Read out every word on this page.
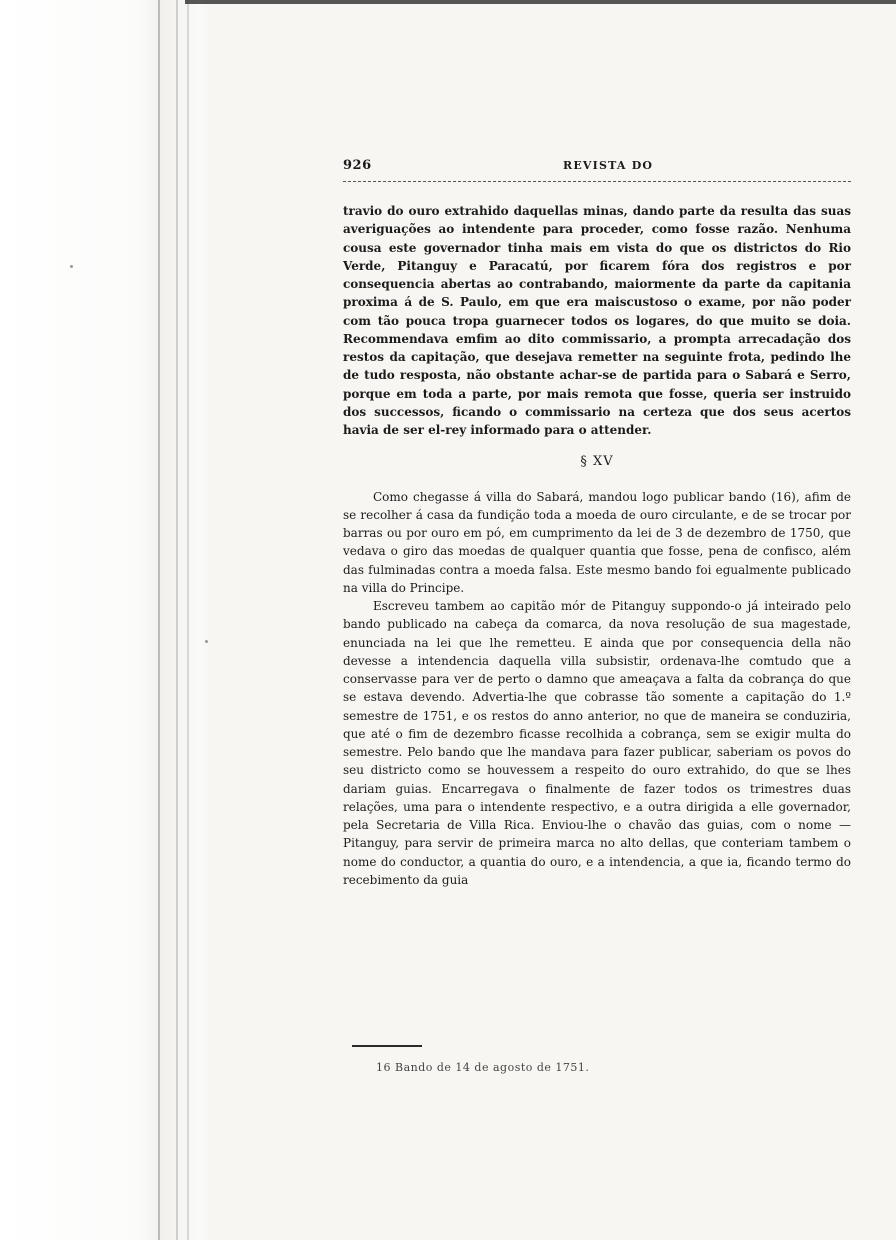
926	REVISTA DO

travio do ouro extrahido daquellas minas, dando parte da resulta das suas averiguações ao intendente para proceder, como fosse razão. Nenhuma cousa este governador tinha mais em vista do que os districtos do Rio Verde, Pitanguy e Paracatú, por ficarem fóra dos registros e por consequencia abertas ao contrabando, maiormente da parte da capitania proxima á de S. Paulo, em que era maiscustoso o exame, por não poder com tão pouca tropa guarnecer todos os logares, do que muito se doia. Recommendava emfim ao dito commissario, a prompta arrecadação dos restos da capitação, que desejava remetter na seguinte frota, pedindo lhe de tudo resposta, não obstante achar-se de partida para o Sabará e Serro, porque em toda a parte, por mais remota que fosse, queria ser instruido dos successos, ficando o commissario na certeza que dos seus acertos havia de ser el-rey informado para o attender.

§ XV

Como chegasse á villa do Sabará, mandou logo publicar bando (16), afim de se recolher á casa da fundição toda a moeda de ouro circulante, e de se trocar por barras ou por ouro em pó, em cumprimento da lei de 3 de dezembro de 1750, que vedava o giro das moedas de qualquer quantia que fosse, pena de confisco, além das fulminadas contra a moeda falsa. Este mesmo bando foi egualmente publicado na villa do Principe.

Escreveu tambem ao capitão mór de Pitanguy suppondo-o já inteirado pelo bando publicado na cabeça da comarca, da nova resolução de sua magestade, enunciada na lei que lhe remetteu. E ainda que por consequencia della não devesse a intendencia daquella villa subsistir, ordenava-lhe comtudo que a conservasse para ver de perto o damno que ameaçava a falta da cobrança do que se estava devendo. Advertia-lhe que cobrasse tão somente a capitação do 1.º semestre de 1751, e os restos do anno anterior, no que de maneira se conduziria, que até o fim de dezembro ficasse recolhida a cobrança, sem se exigir multa do semestre. Pelo bando que lhe mandava para fazer publicar, saberiam os povos do seu districto como se houvessem a respeito do ouro extrahido, do que se lhes dariam guias. Encarregava o finalmente de fazer todos os trimestres duas relações, uma para o intendente respectivo, e a outra dirigida a elle governador, pela Secretaria de Villa Rica. Enviou-lhe o chavão das guias, com o nome — Pitanguy, para servir de primeira marca no alto dellas, que conteriam tambem o nome do conductor, a quantia do ouro, e a intendencia, a que ia, ficando termo do recebimento da guia

16 Bando de 14 de agosto de 1751.
